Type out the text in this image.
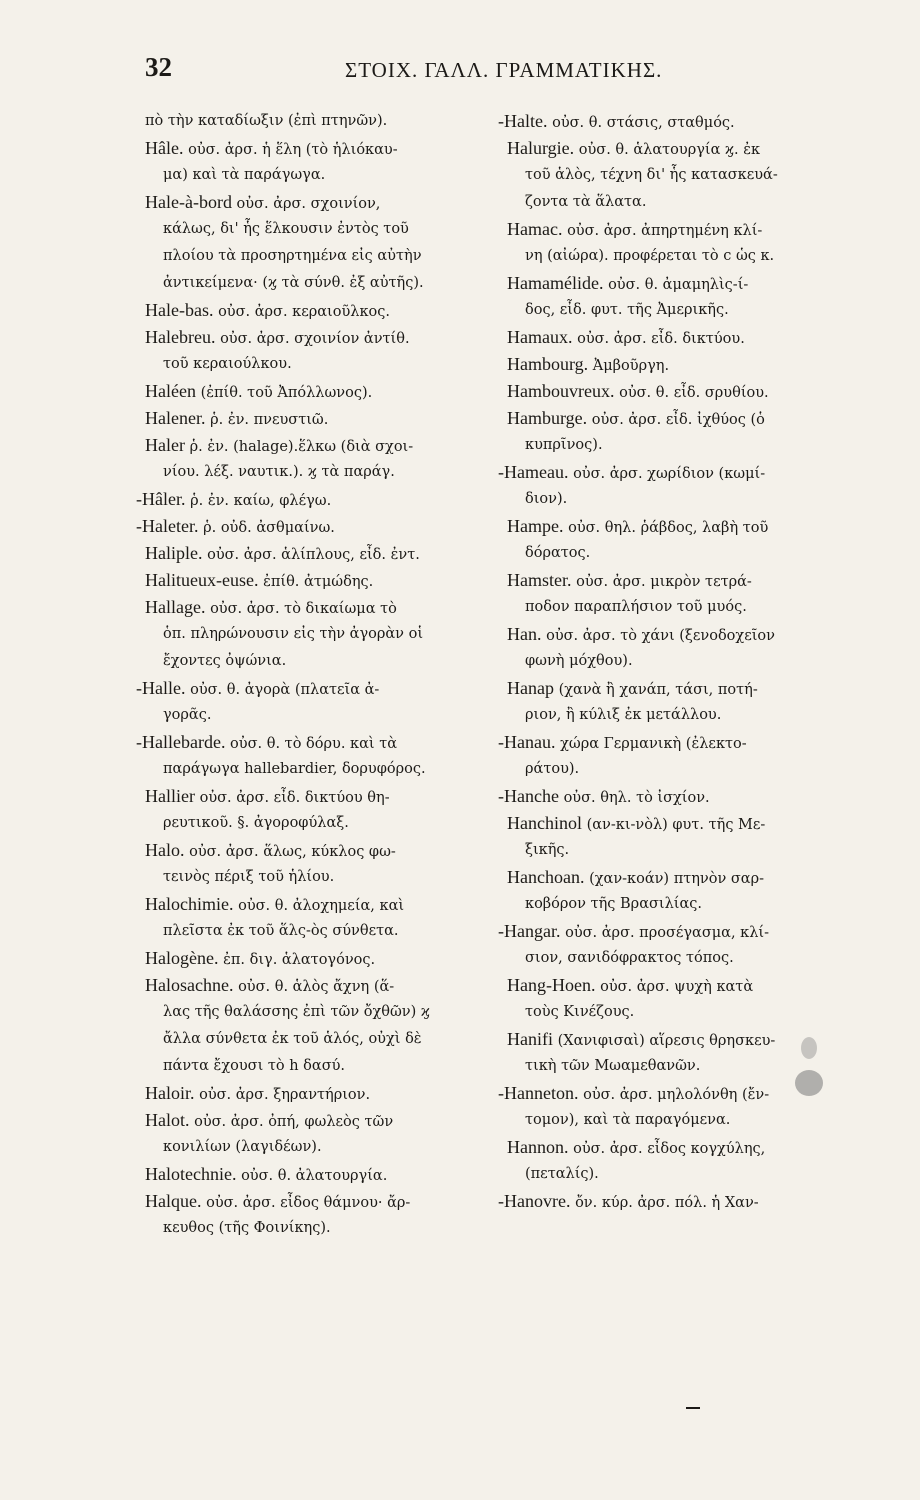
32	ΣΤΟΙΧ. ΓΑΛΛ. ΓΡΑΜΜΑΤΙΚΗΣ.
πὸ τὴν καταδίωξιν (ἐπὶ πτηνῶν).
Hâle. οὐσ. ἀρσ. ἡ ἕλη (τὸ ἡλιόκαυ-
μα) καὶ τὰ παράγωγα.
Hale-à-bord οὐσ. ἀρσ. σχοινίον,
κάλως, δι' ἧς ἕλκουσιν ἐντὸς τοῦ
πλοίου τὰ προσηρτημένα εἰς αὐτὴν
ἀντικείμενα· (ϗ τὰ σύνθ. ἐξ αὐτῆς).
Hale-bas. οὐσ. ἀρσ. κεραιοῦλκος.
Halebreu. οὐσ. ἀρσ. σχοινίον ἀντίθ.
τοῦ κεραιούλκου.
Haléen (ἐπίθ. τοῦ Ἀπόλλωνος).
Halener. ῥ. ἐν. πνευστιῶ.
Haler ῥ. ἐν. (halage).ἕλκω (διὰ σχοι-
νίου. λέξ. ναυτικ.). ϗ τὰ παράγ.
-Hâler. ῥ. ἐν. καίω, φλέγω.
-Haleter. ῥ. οὐδ. ἀσθμαίνω.
Haliple. οὐσ. ἀρσ. ἁλίπλους, εἶδ. ἐντ.
Halitueux-euse. ἐπίθ. ἀτμώδης.
Hallage. οὐσ. ἀρσ. τὸ δικαίωμα τὸ
ὁπ. πληρώνουσιν εἰς τὴν ἀγορὰν οἱ
ἔχοντες ὀψώνια.
-Halle. οὐσ. θ. ἀγορὰ (πλατεῖα ἀ-
γορᾶς.
-Hallebarde. οὐσ. θ. τὸ δόρυ. καὶ τὰ
παράγωγα hallebardier, δορυφόρος.
Hallier οὐσ. ἀρσ. εἶδ. δικτύου θη-
ρευτικοῦ. §. ἀγοροφύλαξ.
Halo. οὐσ. ἀρσ. ἅλως, κύκλος φω-
τεινὸς πέριξ τοῦ ἡλίου.
Halochimie. οὐσ. θ. ἀλοχημεία, καὶ
πλεῖστα ἐκ τοῦ ἅλς-ὸς σύνθετα.
Halogène. ἐπ. διγ. ἁλατογόνος.
Halosachne. οὐσ. θ. ἁλὸς ἄχνη (ἅ-
λας τῆς θαλάσσης ἐπὶ τῶν ὄχθῶν) ϗ
ἄλλα σύνθετα ἐκ τοῦ ἁλός, οὐχὶ δὲ
πάντα ἔχουσι τὸ h δασύ.
Haloir. οὐσ. ἀρσ. ξηραντήριον.
Halot. οὐσ. ἀρσ. ὀπή, φωλεὸς τῶν
κονιλίων (λαγιδέων).
Halotechnie. οὐσ. θ. ἀλατουργία.
Halque. οὐσ. ἀρσ. εἶδος θάμνου· ἄρ-
κευθος (τῆς Φοινίκης).
-Halte. οὐσ. θ. στάσις, σταθμός.
Halurgie. οὐσ. θ. ἁλατουργία ϗ. ἐκ
τοῦ ἁλὸς, τέχνη δι' ἧς κατασκευά-
ζοντα τὰ ἅλατα.
Hamac. οὐσ. ἀρσ. ἀπηρτημένη κλί-
νη (αἰώρα). προφέρεται τὸ c ὡς κ.
Hamamélide. οὐσ. θ. ἀμαμηλὶς-ί-
δος, εἶδ. φυτ. τῆς Ἀμερικῆς.
Hamaux. οὐσ. ἀρσ. εἶδ. δικτύου.
Hambourg. Ἀμβοῦργη.
Hambouvreux. οὐσ. θ. εἶδ. σρυθίου.
Hamburge. οὐσ. ἀρσ. εἶδ. ἰχθύος (ὁ
κυπρῖνος).
-Hameau. οὐσ. ἀρσ. χωρίδιον (κωμί-
διον).
Hampe. οὐσ. θηλ. ῥάβδος, λαβὴ τοῦ
δόρατος.
Hamster. οὐσ. ἀρσ. μικρὸν τετρά-
ποδον παραπλήσιον τοῦ μυός.
Han. οὐσ. ἀρσ. τὸ χάνι (ξενοδοχεῖον
φωνὴ μόχθου).
Hanap (χανὰ ἢ χανάπ, τάσι, ποτή-
ριον, ἢ κύλιξ ἐκ μετάλλου.
-Hanau. χώρα Γερμανικὴ (ἐλεκτο-
ράτου).
-Hanche οὐσ. θηλ. τὸ ἰσχίον.
Hanchinol (αν-κι-νὸλ) φυτ. τῆς Με-
ξικῆς.
Hanchoan. (χαν-κοάν) πτηνὸν σαρ-
κοβόρον τῆς Βρασιλίας.
-Hangar. οὐσ. ἀρσ. προσέγασμα, κλί-
σιον, σανιδόφρακτος τόπος.
Hang-Hoen. οὐσ. ἀρσ. ψυχὴ κατὰ
τοὺς Κινέζους.
Hanifi (Χανιφισαὶ) αἵρεσις θρησκευ-
τικὴ τῶν Μωαμεθανῶν.
-Hanneton. οὐσ. ἀρσ. μηλολόνθη (ἔν-
τομον), καὶ τὰ παραγόμενα.
Hannon. οὐσ. ἀρσ. εἶδος κογχύλης,
(πεταλίς).
-Hanovre. ὄν. κύρ. ἀρσ. πόλ. ἡ Χαν-
